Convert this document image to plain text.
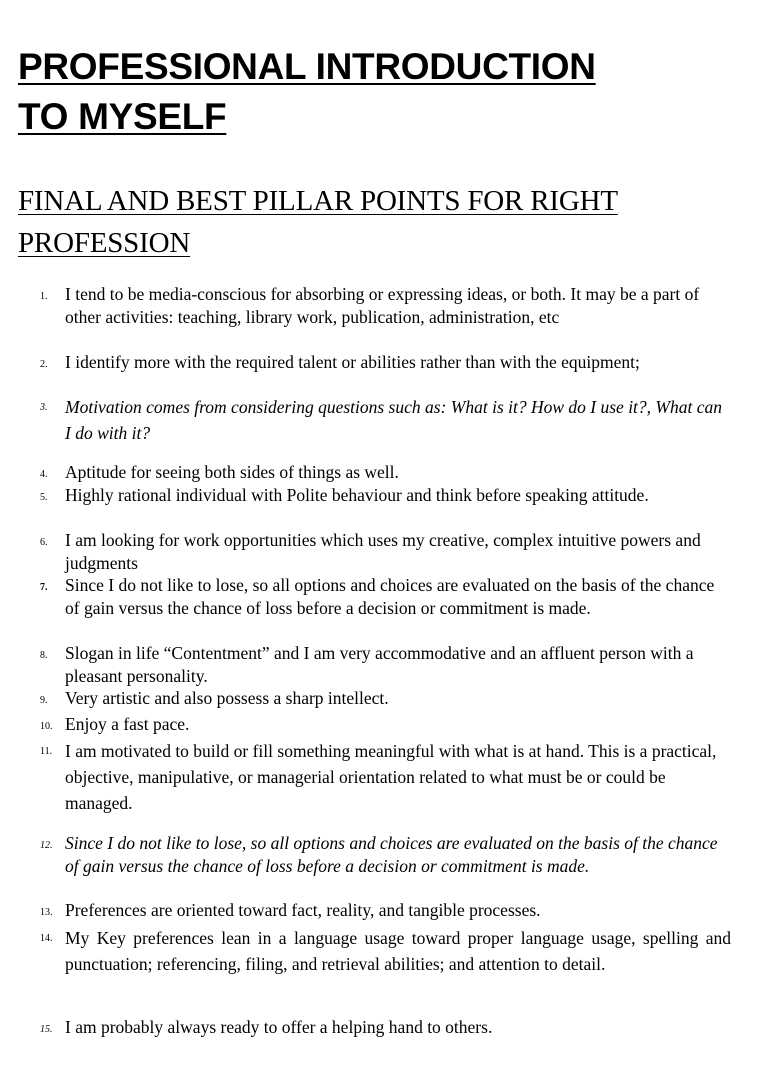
PROFESSIONAL INTRODUCTION
TO MYSELF
FINAL AND BEST PILLAR POINTS FOR RIGHT
PROFESSION
1.	I tend to be media-conscious for absorbing or expressing ideas, or both. It may be a part of other activities: teaching, library work, publication, administration, etc
2.	I identify more with the required talent or abilities rather than with the equipment;
3.	Motivation comes from considering questions such as: What is it? How do I use it?, What can I do with it?
4.	Aptitude for seeing both sides of things as well.
5.	Highly rational individual with Polite behaviour and think before speaking attitude.
6.	I am looking for work opportunities which uses my creative, complex intuitive powers and judgments
7.	Since I do not like to lose, so all options and choices are evaluated on the basis of the chance of gain versus the chance of loss before a decision or commitment is made.
8.	Slogan in life “Contentment” and I am very accommodative and an affluent person with a pleasant personality.
9.	Very artistic and also possess a sharp intellect.
10. Enjoy a fast pace.
11. I am motivated to build or fill something meaningful with what is at hand. This is a practical, objective, manipulative, or managerial orientation related to what must be or could be managed.
12. Since I do not like to lose, so all options and choices are evaluated on the basis of the chance of gain versus the chance of loss before a decision or commitment is made.
13. Preferences are oriented toward fact, reality, and tangible processes.
14. My Key preferences lean in a language usage toward proper language usage, spelling and punctuation; referencing, filing, and retrieval abilities; and attention to detail.
15. I am probably always ready to offer a helping hand to others.
